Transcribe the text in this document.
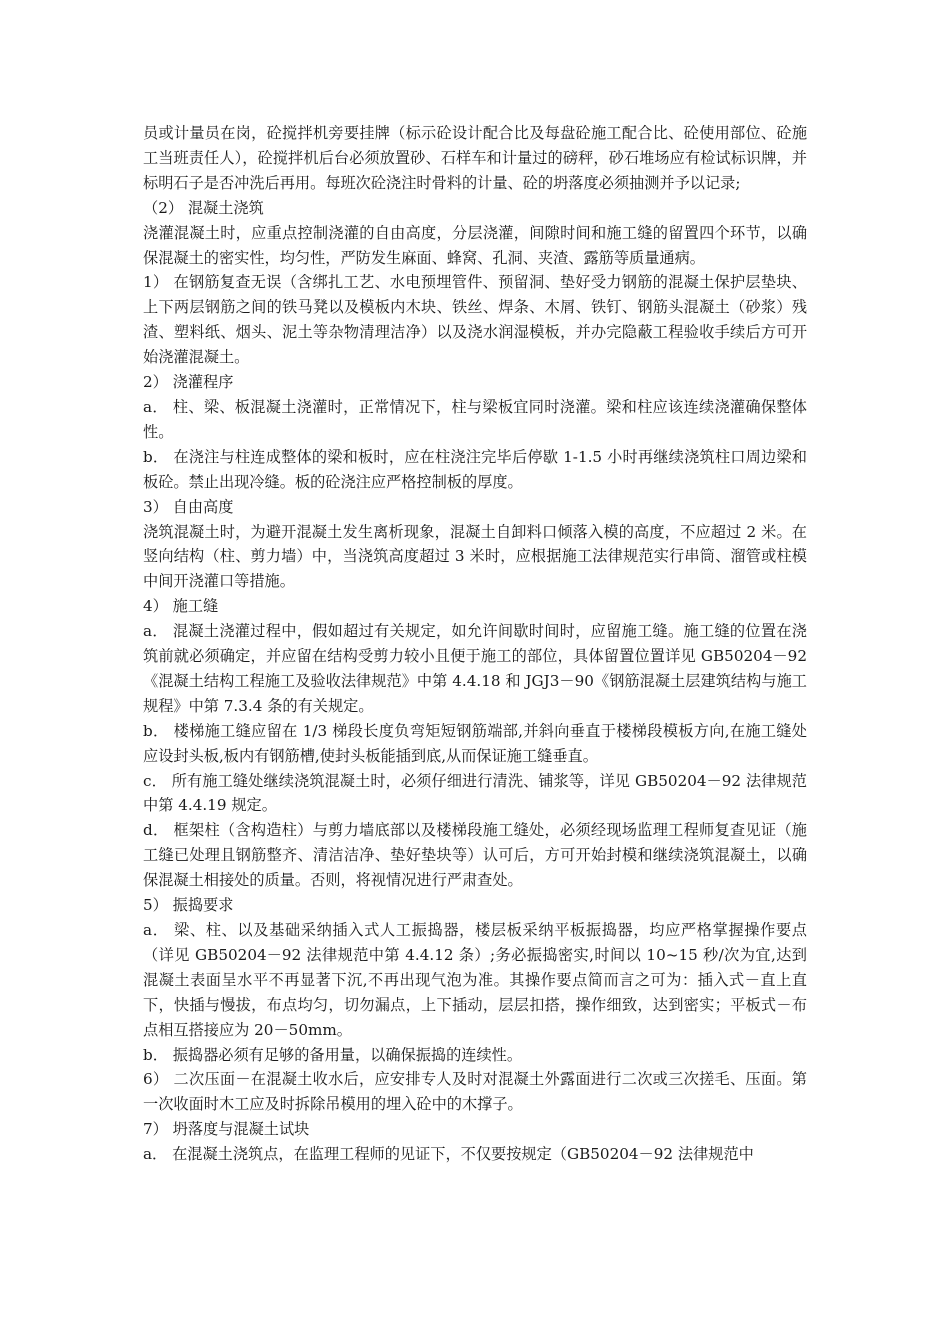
员或计量员在岗，砼搅拌机旁要挂牌（标示砼设计配合比及每盘砼施工配合比、砼使用部位、砼施工当班责任人），砼搅拌机后台必须放置砂、石样车和计量过的磅秤，砂石堆场应有检试标识牌，并标明石子是否冲洗后再用。每班次砼浇注时骨料的计量、砼的坍落度必须抽测并予以记录;

（2） 混凝土浇筑

浇灌混凝土时，应重点控制浇灌的自由高度，分层浇灌，间隙时间和施工缝的留置四个环节，以确保混凝土的密实性，均匀性，严防发生麻面、蜂窝、孔洞、夹渣、露筋等质量通病。

1） 在钢筋复查无误（含绑扎工艺、水电预埋管件、预留洞、垫好受力钢筋的混凝土保护层垫块、上下两层钢筋之间的铁马凳以及模板内木块、铁丝、焊条、木屑、铁钉、钢筋头混凝土（砂浆）残渣、塑料纸、烟头、泥土等杂物清理洁净）以及浇水润湿模板，并办完隐蔽工程验收手续后方可开始浇灌混凝土。

2） 浇灌程序

a． 柱、梁、板混凝土浇灌时，正常情况下，柱与梁板宜同时浇灌。梁和柱应该连续浇灌确保整体性。

b． 在浇注与柱连成整体的梁和板时，应在柱浇注完毕后停歇 1-1.5 小时再继续浇筑柱口周边梁和板砼。禁止出现冷缝。板的砼浇注应严格控制板的厚度。

3） 自由高度

浇筑混凝土时，为避开混凝土发生离析现象，混凝土自卸料口倾落入模的高度，不应超过 2 米。在竖向结构（柱、剪力墙）中，当浇筑高度超过 3 米时，应根据施工法律规范实行串筒、溜管或柱模中间开浇灌口等措施。

4） 施工缝

a． 混凝土浇灌过程中，假如超过有关规定，如允许间歇时间时，应留施工缝。施工缝的位置在浇筑前就必须确定，并应留在结构受剪力较小且便于施工的部位，具体留置位置详见 GB50204－92《混凝土结构工程施工及验收法律规范》中第 4.4.18 和 JGJ3－90《钢筋混凝土层建筑结构与施工规程》中第 7.3.4 条的有关规定。

b． 楼梯施工缝应留在 1/3 梯段长度负弯矩短钢筋端部,并斜向垂直于楼梯段模板方向,在施工缝处应设封头板,板内有钢筋槽,使封头板能插到底,从而保证施工缝垂直。

c． 所有施工缝处继续浇筑混凝土时，必须仔细进行清洗、铺浆等，详见 GB50204－92 法律规范中第 4.4.19 规定。

d． 框架柱（含构造柱）与剪力墙底部以及楼梯段施工缝处，必须经现场监理工程师复查见证（施工缝已处理且钢筋整齐、清洁洁净、垫好垫块等）认可后，方可开始封模和继续浇筑混凝土，以确保混凝土相接处的质量。否则，将视情况进行严肃查处。

5） 振捣要求

a． 梁、柱、以及基础采纳插入式人工振捣器，楼层板采纳平板振捣器，均应严格掌握操作要点（详见 GB50204－92 法律规范中第 4.4.12 条）;务必振捣密实,时间以 10~15 秒/次为宜,达到混凝土表面呈水平不再显著下沉,不再出现气泡为准。其操作要点简而言之可为：插入式－直上直下，快插与慢拔，布点均匀，切勿漏点，上下插动，层层扣搭，操作细致，达到密实；平板式－布点相互搭接应为 20－50mm。

b． 振捣器必须有足够的备用量，以确保振捣的连续性。

6） 二次压面－在混凝土收水后，应安排专人及时对混凝土外露面进行二次或三次搓毛、压面。第一次收面时木工应及时拆除吊模用的埋入砼中的木撑子。

7） 坍落度与混凝土试块

a． 在混凝土浇筑点，在监理工程师的见证下，不仅要按规定（GB50204－92 法律规范中
